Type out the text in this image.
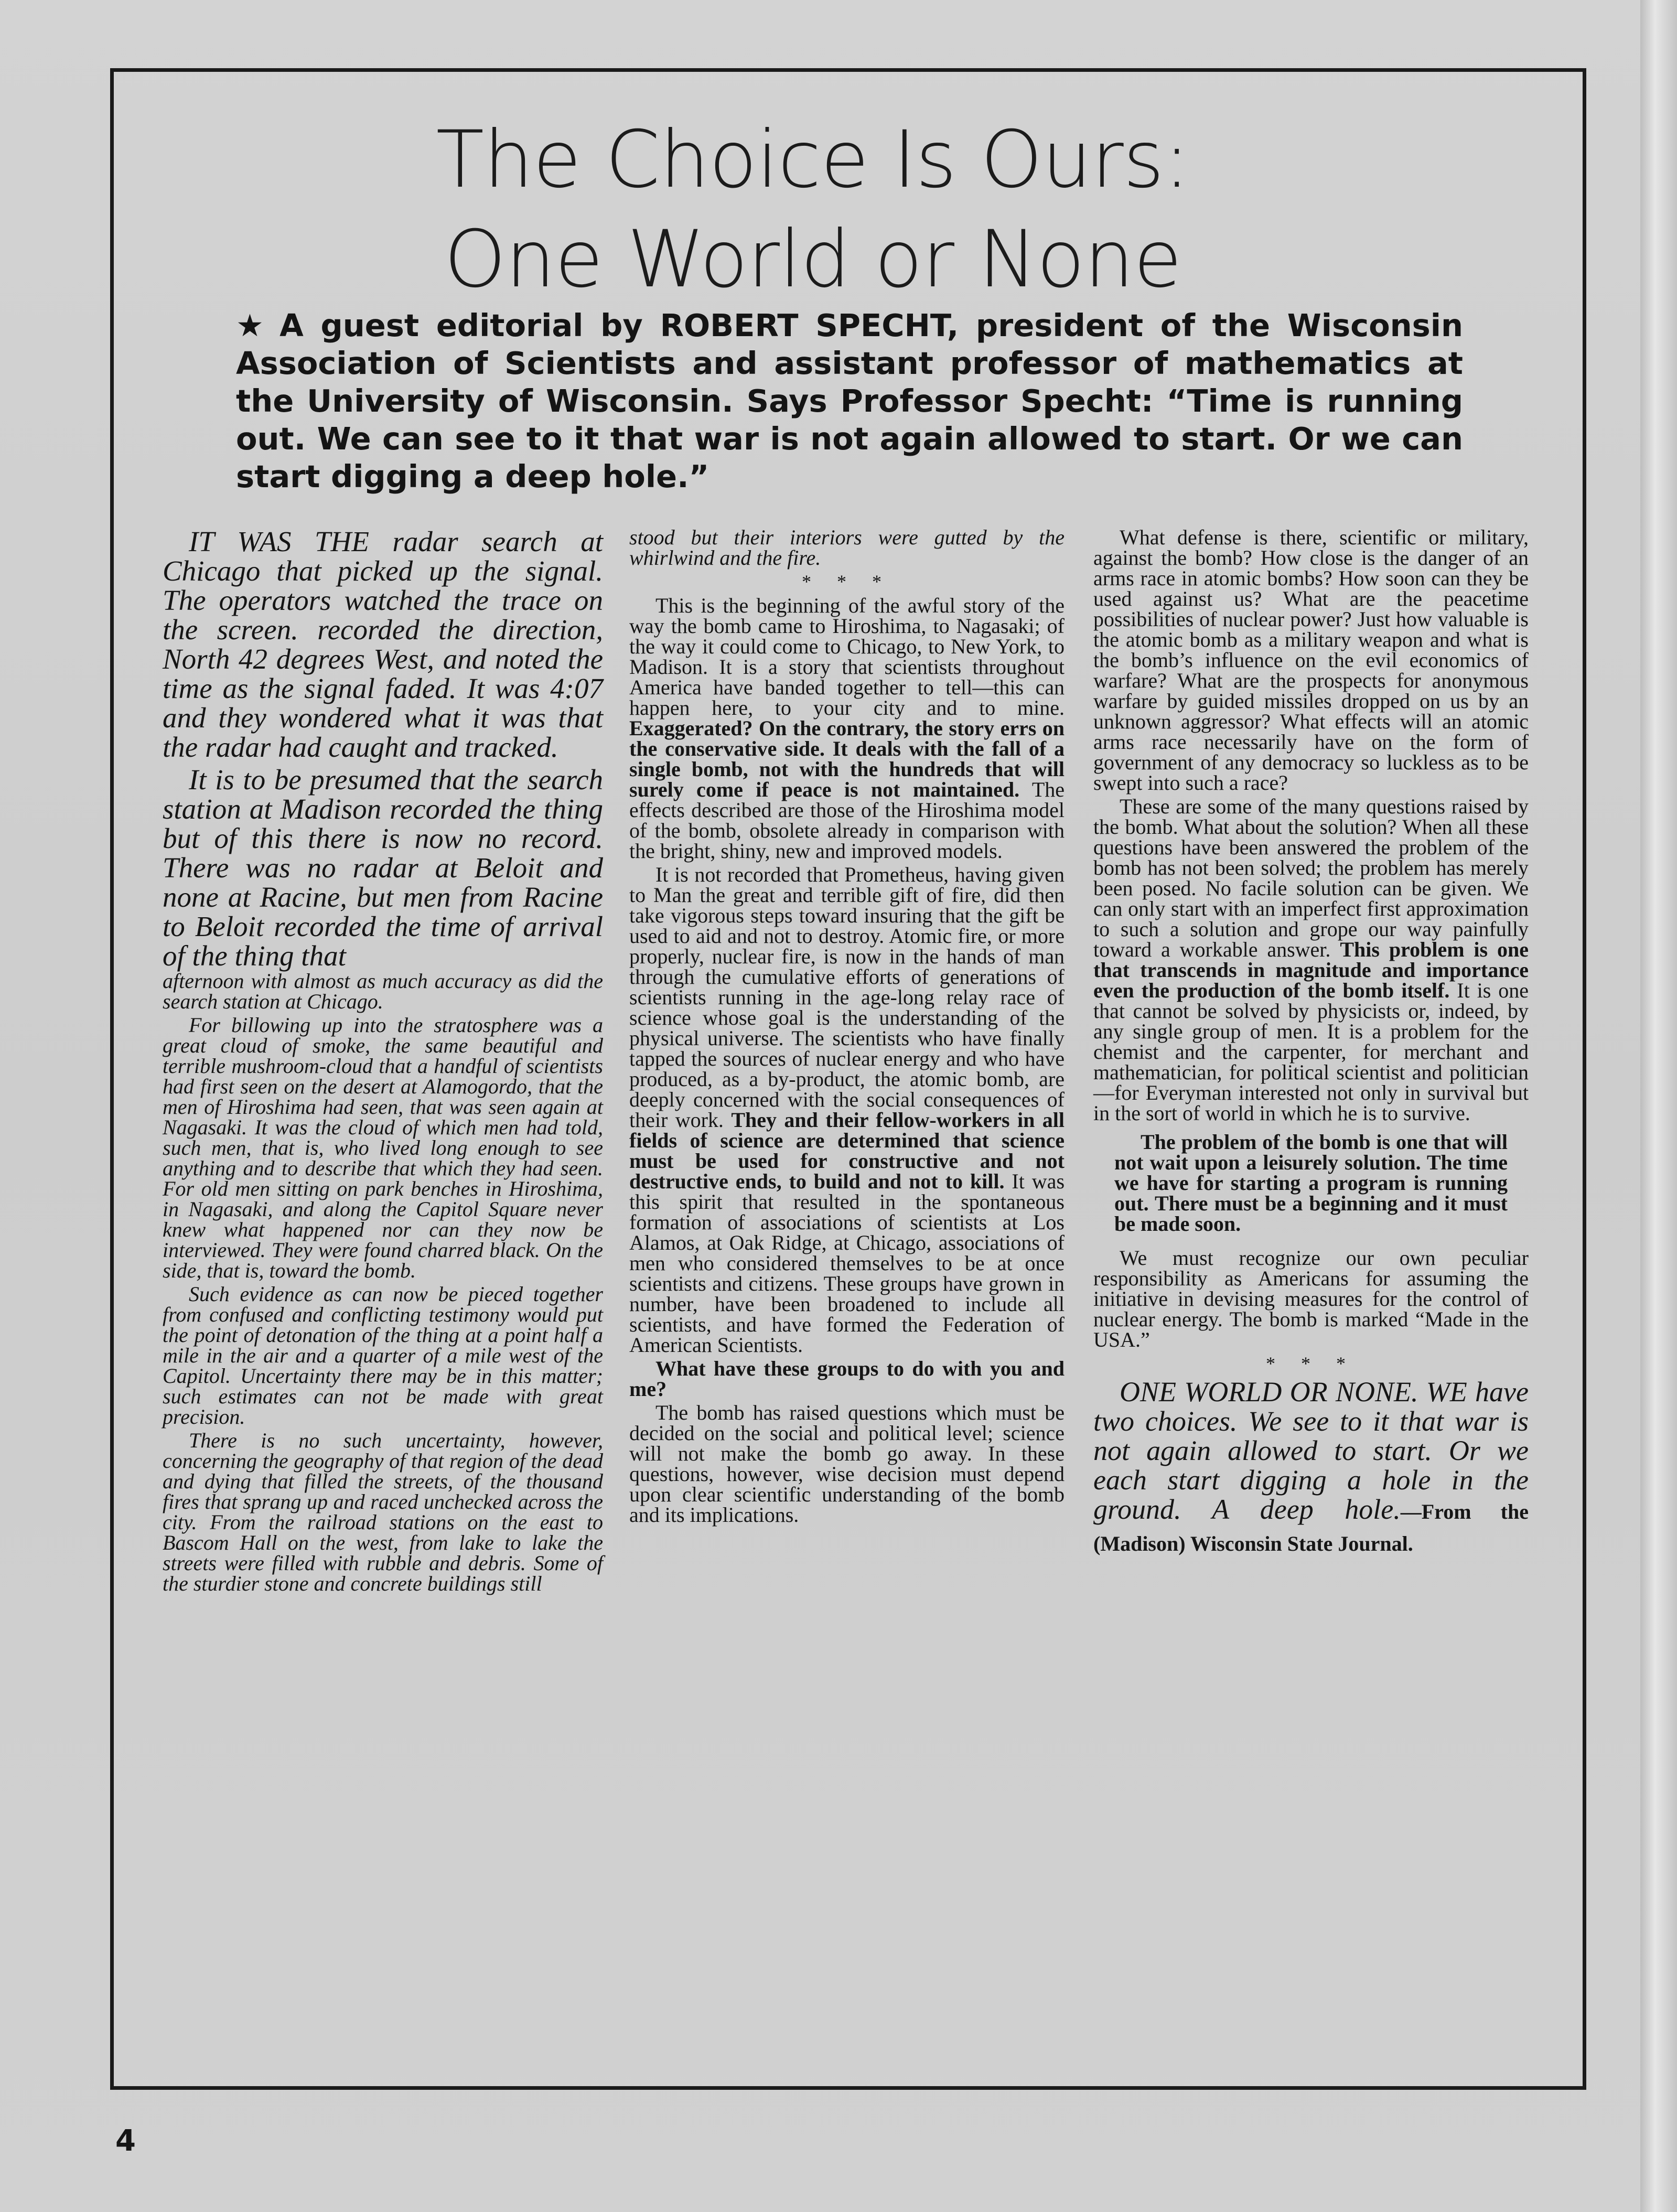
The Choice Is Ours:
One World or None
★ A guest editorial by ROBERT SPECHT, president of the Wisconsin Association of Scientists and assistant professor of mathematics at the University of Wisconsin. Says Professor Specht: “Time is running out. We can see to it that war is not again allowed to start. Or we can start digging a deep hole.”

IT WAS THE radar search at Chicago that picked up the signal. The operators watched the trace on the screen. recorded the direction, North 42 degrees West, and noted the time as the signal faded. It was 4:07 and they wondered what it was that the radar had caught and tracked.

It is to be presumed that the search station at Madison recorded the thing but of this there is now no record. There was no radar at Beloit and none at Racine, but men from Racine to Beloit recorded the time of arrival of the thing that

afternoon with almost as much accuracy as did the search station at Chicago.

For billowing up into the stratosphere was a great cloud of smoke, the same beautiful and terrible mushroom-cloud that a handful of scientists had first seen on the desert at Alamogordo, that the men of Hiroshima had seen, that was seen again at Nagasaki. It was the cloud of which men had told, such men, that is, who lived long enough to see anything and to describe that which they had seen. For old men sitting on park benches in Hiroshima, in Nagasaki, and along the Capitol Square never knew what happened nor can they now be interviewed. They were found charred black. On the side, that is, toward the bomb.

Such evidence as can now be pieced together from confused and conflicting testimony would put the point of detonation of the thing at a point half a mile in the air and a quarter of a mile west of the Capitol. Uncertainty there may be in this matter; such estimates can not be made with great precision.

There is no such uncertainty, however, concerning the geography of that region of the dead and dying that filled the streets, of the thousand fires that sprang up and raced unchecked across the city. From the railroad stations on the east to Bascom Hall on the west, from lake to lake the streets were filled with rubble and debris. Some of the sturdier stone and concrete buildings still

stood but their interiors were gutted by the whirlwind and the fire.

* * *

This is the beginning of the awful story of the way the bomb came to Hiroshima, to Nagasaki; of the way it could come to Chicago, to New York, to Madison. It is a story that scientists throughout America have banded together to tell—this can happen here, to your city and to mine. Exaggerated? On the contrary, the story errs on the conservative side. It deals with the fall of a single bomb, not with the hundreds that will surely come if peace is not maintained. The effects described are those of the Hiroshima model of the bomb, obsolete already in comparison with the bright, shiny, new and improved models.

It is not recorded that Prometheus, having given to Man the great and terrible gift of fire, did then take vigorous steps toward insuring that the gift be used to aid and not to destroy. Atomic fire, or more properly, nuclear fire, is now in the hands of man through the cumulative efforts of generations of scientists running in the age-long relay race of science whose goal is the understanding of the physical universe. The scientists who have finally tapped the sources of nuclear energy and who have produced, as a by-product, the atomic bomb, are deeply concerned with the social consequences of their work. They and their fellow-workers in all fields of science are determined that science must be used for constructive and not destructive ends, to build and not to kill. It was this spirit that resulted in the spontaneous formation of associations of scientists at Los Alamos, at Oak Ridge, at Chicago, associations of men who considered themselves to be at once scientists and citizens. These groups have grown in number, have been broadened to include all scientists, and have formed the Federation of American Scientists.

What have these groups to do with you and me?

The bomb has raised questions which must be decided on the social and political level; science will not make the bomb go away. In these questions, however, wise decision must depend upon clear scientific understanding of the bomb and its implications.

What defense is there, scientific or military, against the bomb? How close is the danger of an arms race in atomic bombs? How soon can they be used against us? What are the peacetime possibilities of nuclear power? Just how valuable is the atomic bomb as a military weapon and what is the bomb’s influence on the evil economics of warfare? What are the prospects for anonymous warfare by guided missiles dropped on us by an unknown aggressor? What effects will an atomic arms race necessarily have on the form of government of any democracy so luckless as to be swept into such a race?

These are some of the many questions raised by the bomb. What about the solution? When all these questions have been answered the problem of the bomb has not been solved; the problem has merely been posed. No facile solution can be given. We can only start with an imperfect first approximation to such a solution and grope our way painfully toward a workable answer. This problem is one that transcends in magnitude and importance even the production of the bomb itself. It is one that cannot be solved by physicists or, indeed, by any single group of men. It is a problem for the chemist and the carpenter, for merchant and mathematician, for political scientist and politician—for Everyman interested not only in survival but in the sort of world in which he is to survive.

The problem of the bomb is one that will not wait upon a leisurely solution. The time we have for starting a program is running out. There must be a beginning and it must be made soon.

We must recognize our own peculiar responsibility as Americans for assuming the initiative in devising measures for the control of nuclear energy. The bomb is marked “Made in the USA.”

* * *

ONE WORLD OR NONE. WE have two choices. We see to it that war is not again allowed to start. Or we each start digging a hole in the ground. A deep hole.—From the (Madison) Wisconsin State Journal.

4
